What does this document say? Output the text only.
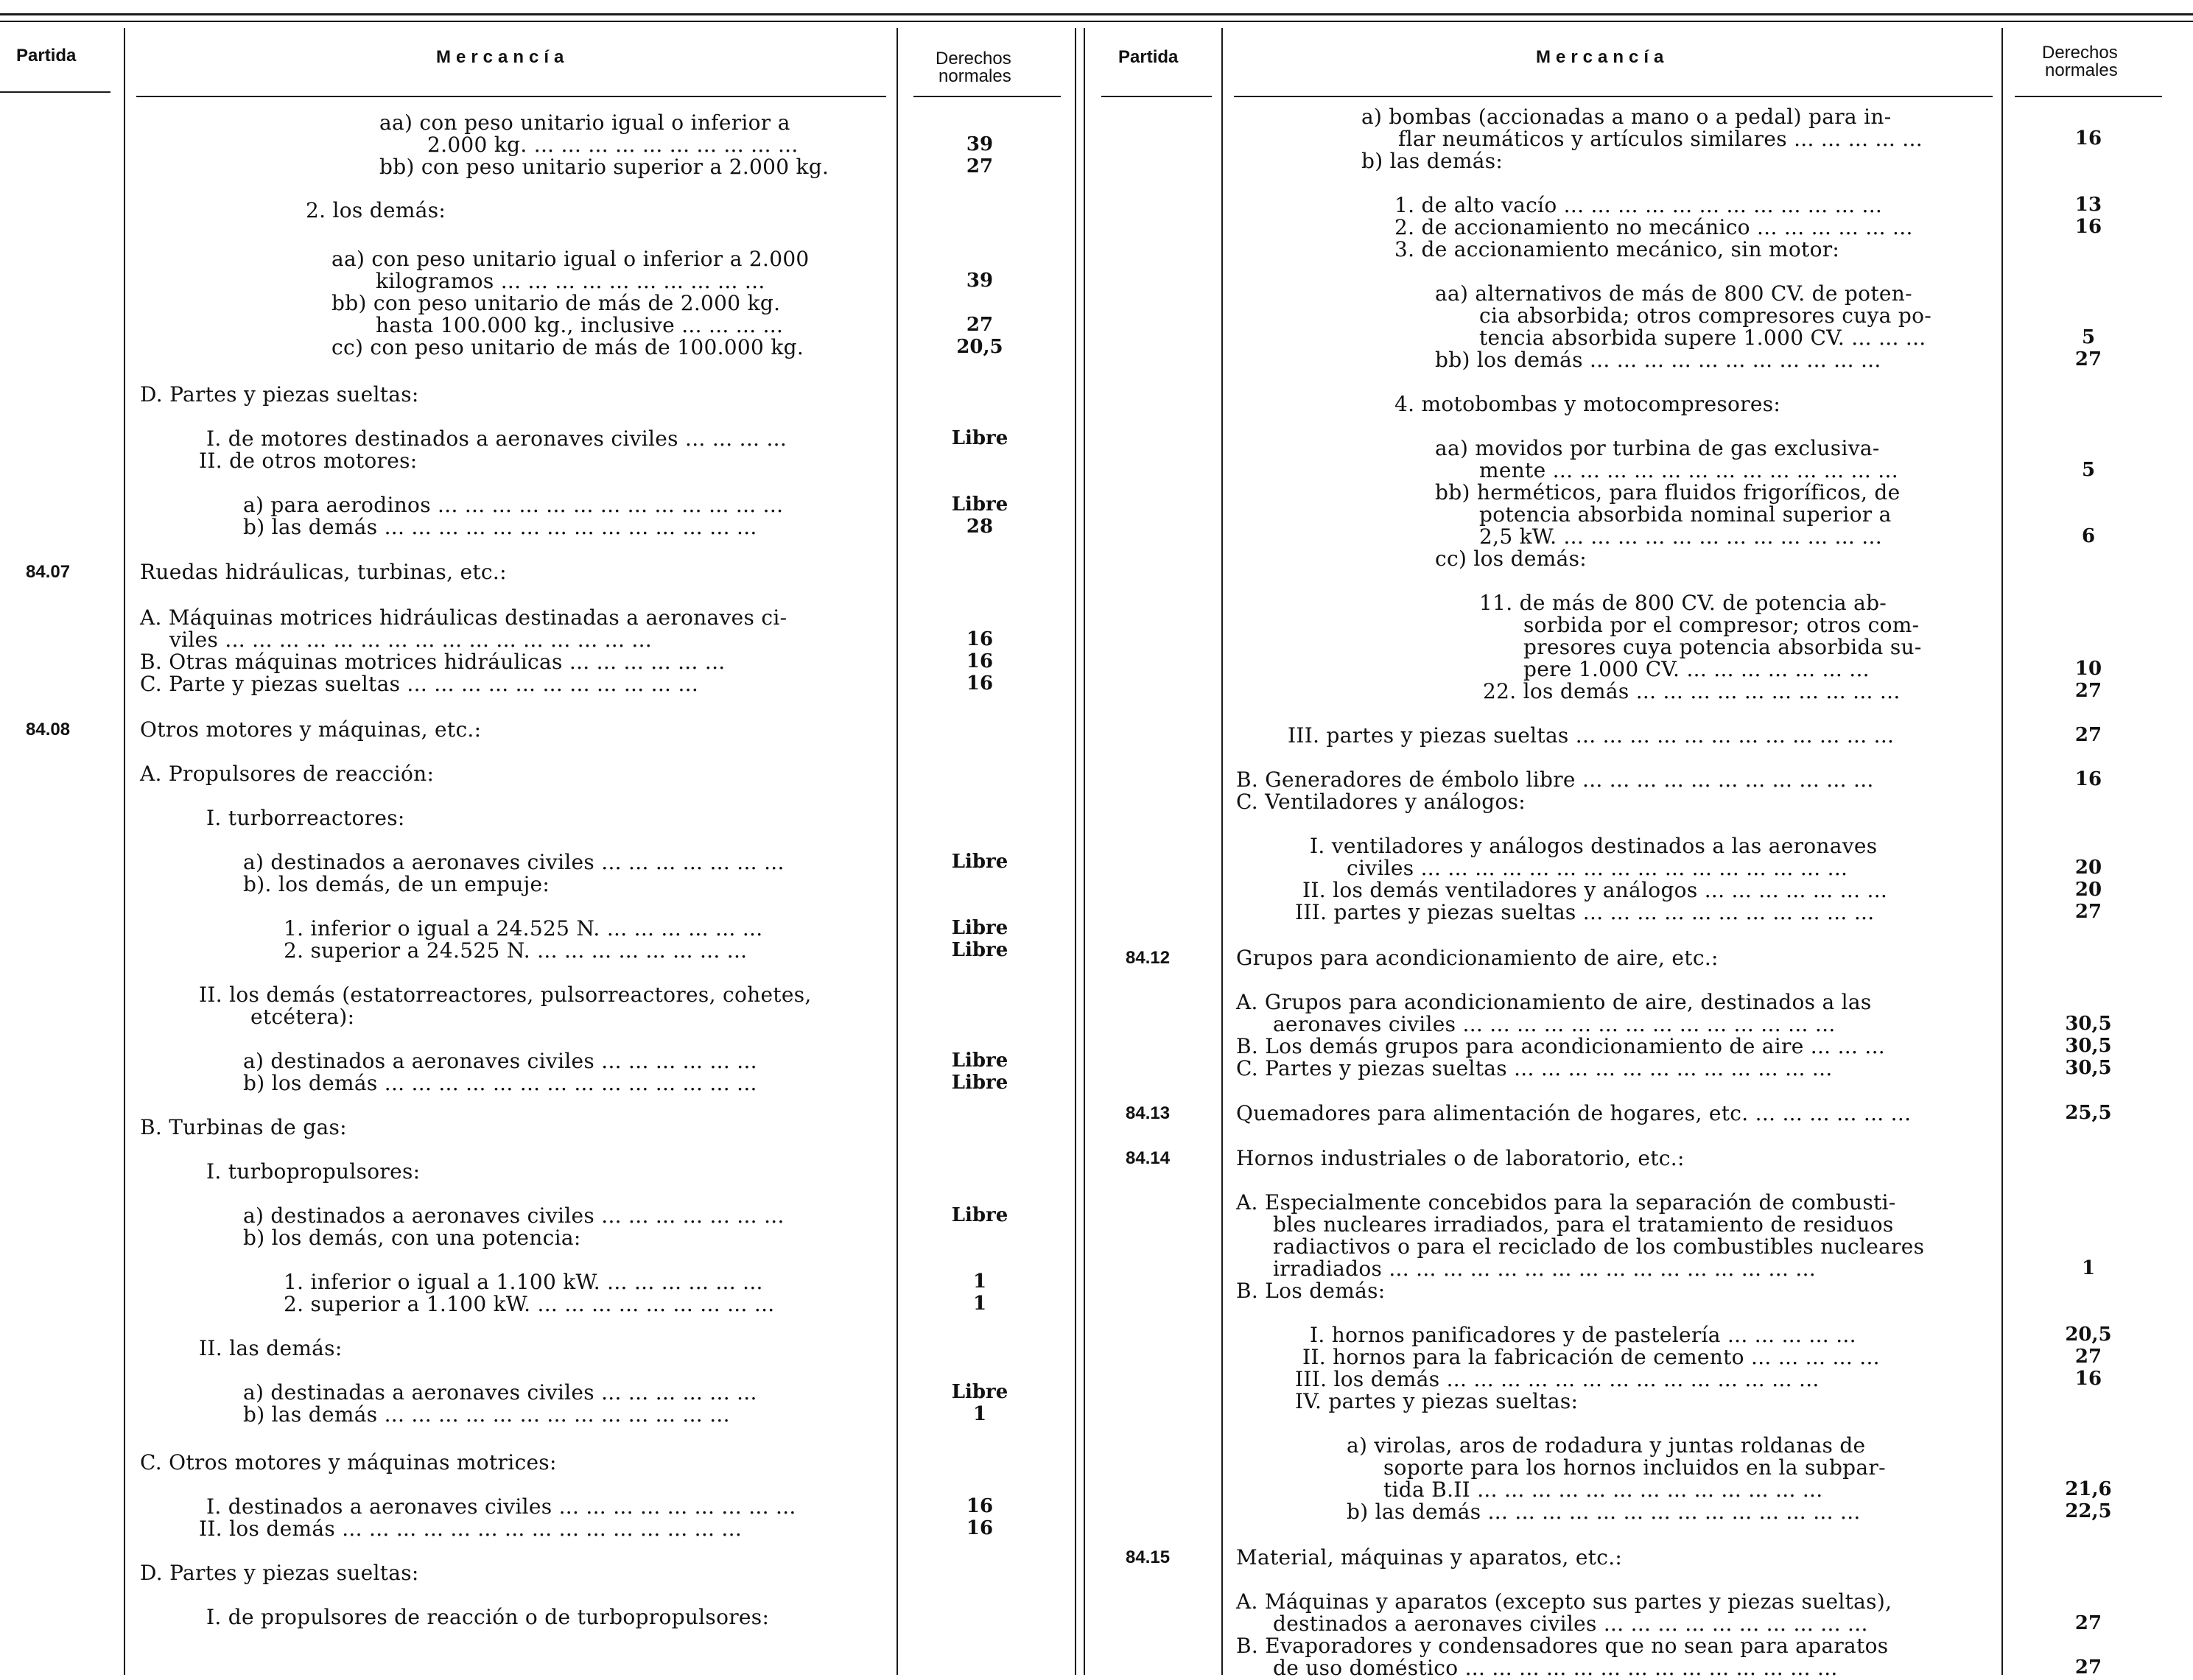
Partida	Mercancía	Derechos
normales
Partida	Mercancía	Derechos
normales
aa) con peso unitario igual o inferior a
2.000 kg. ... ... ... ... ... ... ... ... ... ...	39
bb) con peso unitario superior a 2.000 kg.	27
2. los demás:
aa) con peso unitario igual o inferior a 2.000
kilogramos ... ... ... ... ... ... ... ... ... ...	39
bb) con peso unitario de más de 2.000 kg.
hasta 100.000 kg., inclusive ... ... ... ...	27
cc) con peso unitario de más de 100.000 kg.	20,5
D. Partes y piezas sueltas:
I. de motores destinados a aeronaves civiles ... ... ... ...	Libre
II. de otros motores:
a) para aerodinos ... ... ... ... ... ... ... ... ... ... ... ... ...	Libre
b) las demás ... ... ... ... ... ... ... ... ... ... ... ... ... ...	28
84.07	Ruedas hidráulicas, turbinas, etc.:
A. Máquinas motrices hidráulicas destinadas a aeronaves ci-
viles ... ... ... ... ... ... ... ... ... ... ... ... ... ... ... ...	16
B. Otras máquinas motrices hidráulicas ... ... ... ... ... ...	16
C. Parte y piezas sueltas ... ... ... ... ... ... ... ... ... ... ...	16
84.08	Otros motores y máquinas, etc.:
A. Propulsores de reacción:
I. turborreactores:
a) destinados a aeronaves civiles ... ... ... ... ... ... ...	Libre
b). los demás, de un empuje:
1. inferior o igual a 24.525 N. ... ... ... ... ... ...	Libre
2. superior a 24.525 N. ... ... ... ... ... ... ... ...	Libre
II. los demás (estatorreactores, pulsorreactores, cohetes,
etcétera):
a) destinados a aeronaves civiles ... ... ... ... ... ...	Libre
b) los demás ... ... ... ... ... ... ... ... ... ... ... ... ... ...	Libre
B. Turbinas de gas:
I. turbopropulsores:
a) destinados a aeronaves civiles ... ... ... ... ... ... ...	Libre
b) los demás, con una potencia:
1. inferior o igual a 1.100 kW. ... ... ... ... ... ...	1
2. superior a 1.100 kW. ... ... ... ... ... ... ... ... ...	1
II. las demás:
a) destinadas a aeronaves civiles ... ... ... ... ... ...	Libre
b) las demás ... ... ... ... ... ... ... ... ... ... ... ... ...	1
C. Otros motores y máquinas motrices:
I. destinados a aeronaves civiles ... ... ... ... ... ... ... ... ...	16
II. los demás ... ... ... ... ... ... ... ... ... ... ... ... ... ... ...	16
D. Partes y piezas sueltas:
I. de propulsores de reacción o de turbopropulsores:
a) bombas (accionadas a mano o a pedal) para in-
flar neumáticos y artículos similares ... ... ... ... ...	16
b) las demás:
1. de alto vacío ... ... ... ... ... ... ... ... ... ... ... ...	13
2. de accionamiento no mecánico ... ... ... ... ... ...	16
3. de accionamiento mecánico, sin motor:
aa) alternativos de más de 800 CV. de poten-
cia absorbida; otros compresores cuya po-
tencia absorbida supere 1.000 CV. ... ... ...	5
bb) los demás ... ... ... ... ... ... ... ... ... ... ...	27
4. motobombas y motocompresores:
aa) movidos por turbina de gas exclusiva-
mente ... ... ... ... ... ... ... ... ... ... ... ... ...	5
bb) herméticos, para fluidos frigoríficos, de
potencia absorbida nominal superior a
2,5 kW. ... ... ... ... ... ... ... ... ... ... ... ...	6
cc) los demás:
11. de más de 800 CV. de potencia ab-
sorbida por el compresor; otros com-
presores cuya potencia absorbida su-
pere 1.000 CV. ... ... ... ... ... ... ...	10
22. los demás ... ... ... ... ... ... ... ... ... ...	27
III. partes y piezas sueltas ... ... ... ... ... ... ... ... ... ... ... ...	27
B. Generadores de émbolo libre ... ... ... ... ... ... ... ... ... ... ...	16
C. Ventiladores y análogos:
I. ventiladores y análogos destinados a las aeronaves
civiles ... ... ... ... ... ... ... ... ... ... ... ... ... ... ... ...	20
II. los demás ventiladores y análogos ... ... ... ... ... ... ...	20
III. partes y piezas sueltas ... ... ... ... ... ... ... ... ... ... ...	27
84.12	Grupos para acondicionamiento de aire, etc.:
A. Grupos para acondicionamiento de aire, destinados a las
aeronaves civiles ... ... ... ... ... ... ... ... ... ... ... ... ... ...	30,5
B. Los demás grupos para acondicionamiento de aire ... ... ...	30,5
C. Partes y piezas sueltas ... ... ... ... ... ... ... ... ... ... ... ...	30,5
84.13	Quemadores para alimentación de hogares, etc. ... ... ... ... ... ...	25,5
84.14	Hornos industriales o de laboratorio, etc.:
A. Especialmente concebidos para la separación de combusti-
bles nucleares irradiados, para el tratamiento de residuos
radiactivos o para el reciclado de los combustibles nucleares
irradiados ... ... ... ... ... ... ... ... ... ... ... ... ... ... ... ...	1
B. Los demás:
I. hornos panificadores y de pastelería ... ... ... ... ...	20,5
II. hornos para la fabricación de cemento ... ... ... ... ...	27
III. los demás ... ... ... ... ... ... ... ... ... ... ... ... ... ...	16
IV. partes y piezas sueltas:
a) virolas, aros de rodadura y juntas roldanas de
soporte para los hornos incluidos en la subpar-
tida B.II ... ... ... ... ... ... ... ... ... ... ... ... ...	21,6
b) las demás ... ... ... ... ... ... ... ... ... ... ... ... ... ...	22,5
84.15	Material, máquinas y aparatos, etc.:
A. Máquinas y aparatos (excepto sus partes y piezas sueltas),
destinados a aeronaves civiles ... ... ... ... ... ... ... ... ... ...	27
B. Evaporadores y condensadores que no sean para aparatos
de uso doméstico ... ... ... ... ... ... ... ... ... ... ... ... ... ...	27
